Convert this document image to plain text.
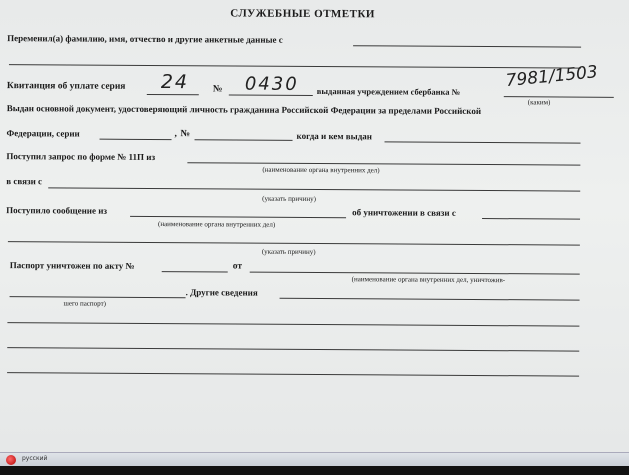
СЛУЖЕБНЫЕ ОТМЕТКИ
Переменил(а) фамилию, имя, отчество и другие анкетные данные с
Квитанция об уплате серия 24 № 0430 выданная учреждением сбербанка №
7981/1503
(каким)
Выдан основной документ, удостоверяющий личность гражданина Российской Федерации за пределами Российской
Федерации, серии	, №	когда и кем выдан
Поступил запрос по форме № 11П из
(наименование органа внутренних дел)
в связи с
(указать причину)
Поступило сообщение из	об уничтожении в связи с
(наименование органа внутренних дел)
(указать причину)
Паспорт уничтожен по акту №	от
(наименование органа внутренних дел, уничтожив-
. Другие сведения
шего паспорт)
русский
